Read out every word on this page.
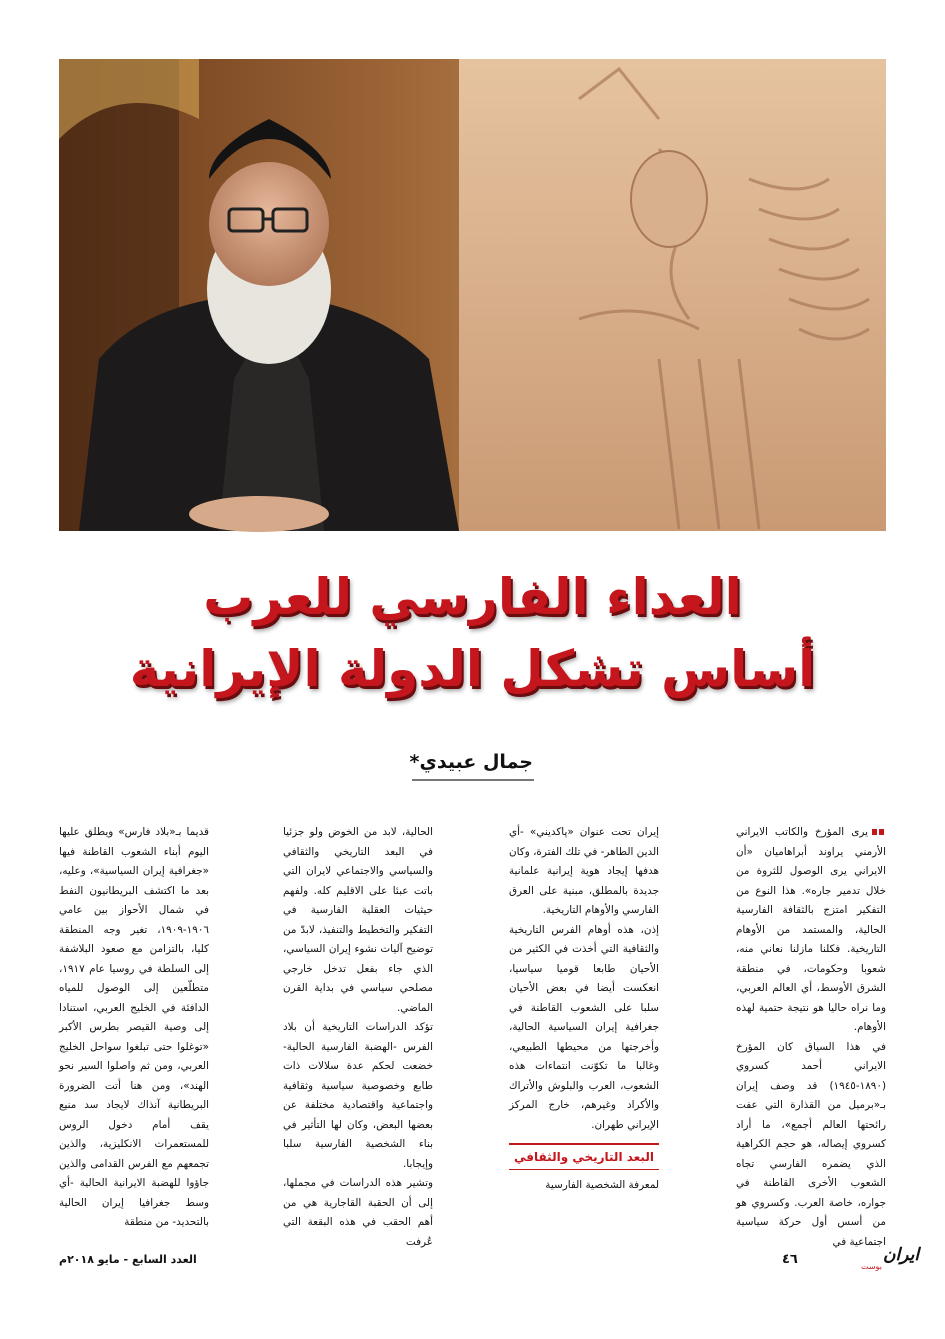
العداء الفارسي للعرب
أساس تشكل الدولة الإيرانية
جمال عبيدي*

يرى المؤرخ والكاتب الايراني الأرمني يراوند أبراهاميان «أن الايراني يرى الوصول للثروة من خلال تدمير جاره». هذا النوع من التفكير امتزج بالثقافة الفارسية الحالية، والمستمد من الأوهام التاريخية. فكلنا مازلنا نعاني منه، شعوبا وحكومات، في منطقة الشرق الأوسط، أي العالم العربي، وما نراه حاليا هو نتيجة حتمية لهذه الأوهام.

في هذا السياق كان المؤرخ الايراني أحمد كسروي (١٨٩٠-١٩٤٥) قد وصف إيران بـ«برميل من القذارة التي عفت رائحتها العالم أجمع»، ما أراد كسروي إيصاله، هو حجم الكراهية الذي يضمره الفارسي تجاه الشعوب الأخرى القاطنة في جواره، خاصة العرب. وكسروي هو من أسس أول حركة سياسية اجتماعية في

إيران تحت عنوان «پاكديني» -أي الدين الطاهر- في تلك الفترة، وكان هدفها إيجاد هوية إيرانية علمانية جديدة بالمطلق، مبنية على العرق الفارسي والأوهام التاريخية.

إذن، هذه أوهام الفرس التاريخية والثقافية التي أخذت في الكثير من الأحيان طابعا قوميا سياسيا، انعكست أيضا في بعض الأحيان سلبا على الشعوب القاطنة في جغرافية إيران السياسية الحالية، وأخرجتها من محيطها الطبيعي، وغالبا ما تكوّنت انتماءات هذه الشعوب، العرب والبلوش والأتراك والأكراد وغيرهم، خارج المركز الإيراني طهران.

البعد التاريخي والثقافي

لمعرفة الشخصية الفارسية

الحالية، لابد من الخوض ولو جزئيا في البعد التاريخي والثقافي والسياسي والاجتماعي لايران التي باتت عبئا على الاقليم كله. ولفهم حيثيات العقلية الفارسية في التفكير والتخطيط والتنفيذ، لابدّ من توضيح آليات نشوء إيران السياسي، الذي جاء بفعل تدخل خارجي مصلحي سياسي في بداية القرن الماضي.

تؤكد الدراسات التاريخية أن بلاد الفرس -الهضبة الفارسية الحالية- خضعت لحكم عدة سلالات ذات طابع وخصوصية سياسية وثقافية واجتماعية واقتصادية مختلفة عن بعضها البعض، وكان لها التأثير في بناء الشخصية الفارسية سلبا وإيجابا.

وتشير هذه الدراسات في مجملها، إلى أن الحقبة القاجارية هي من أهم الحقب في هذه البقعة التي عُرفت

قديما بـ«بلاد فارس» ويطلق عليها اليوم أبناء الشعوب القاطنة فيها «جغرافية إيران السياسية»، وعليه، بعد ما اكتشف البريطانيون النفط في شمال الأحواز بين عامي ١٩٠٦-١٩٠٩، تغير وجه المنطقة كليا، بالتزامن مع صعود البلاشفة إلى السلطة في روسيا عام ١٩١٧، متطلّعين إلى الوصول للمياه الدافئة في الخليج العربي، استنادا إلى وصية القيصر بطرس الأكبر «توغلوا حتى تبلغوا سواحل الخليج العربي، ومن ثم واصلوا السير نحو الهند»، ومن هنا أتت الضرورة البريطانية آنذاك لايجاد سد منيع يقف أمام دخول الروس للمستعمرات الانكليزية، والذين تجمعهم مع الفرس القدامى والذين جاؤوا للهضبة الايرانية الحالية -أي وسط جغرافيا إيران الحالية بالتحديد- من منطقة

ايران
بوست
٤٦
العدد السابع - مايو ٢٠١٨م
